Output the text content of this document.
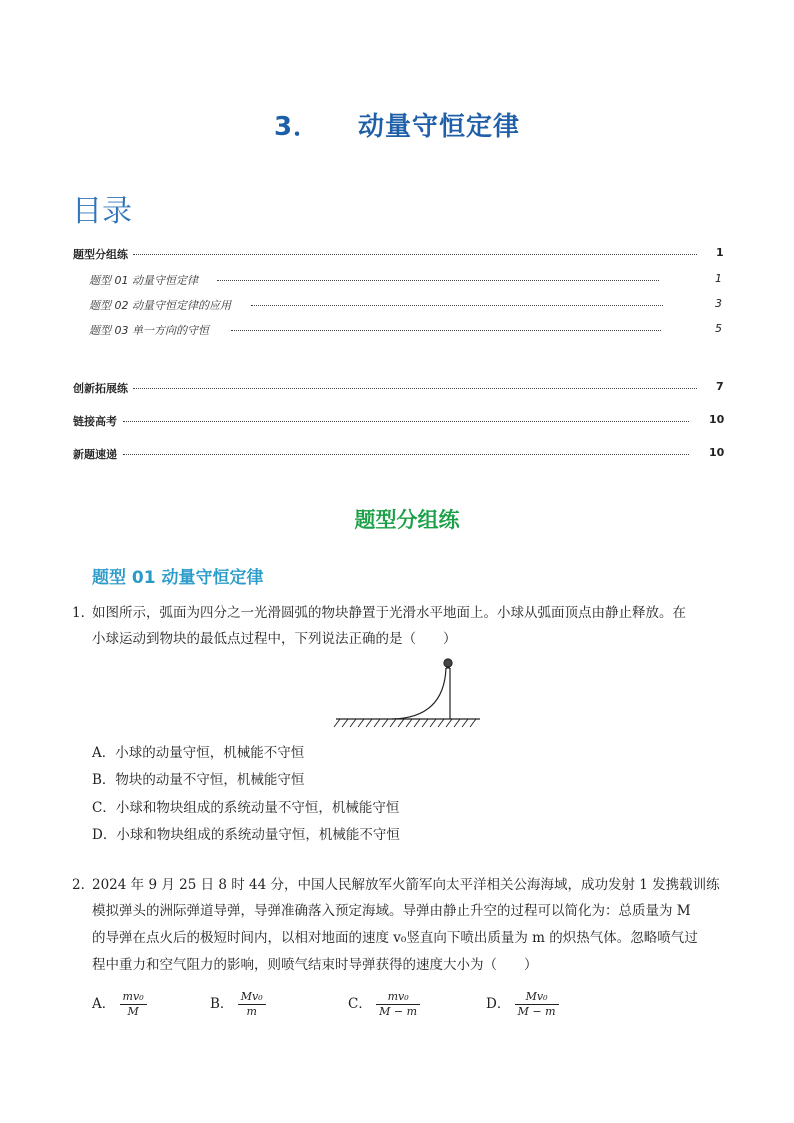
3． 动量守恒定律
目录
题型分组练	1
题型 01 动量守恒定律	1
题型 02 动量守恒定律的应用	3
题型 03 单一方向的守恒	5
创新拓展练	7
链接高考	10
新题速递	10
题型分组练
题型 01 动量守恒定律
1．
如图所示，弧面为四分之一光滑圆弧的物块静置于光滑水平地面上。小球从弧面顶点由静止释放。在
小球运动到物块的最低点过程中，下列说法正确的是（　　）
A．小球的动量守恒，机械能不守恒
B．物块的动量不守恒，机械能守恒
C．小球和物块组成的系统动量不守恒，机械能守恒
D．小球和物块组成的系统动量守恒，机械能不守恒
2．
2024 年 9 月 25 日 8 时 44 分，中国人民解放军火箭军向太平洋相关公海海域，成功发射 1 发携载训练
模拟弹头的洲际弹道导弹，导弹准确落入预定海域。导弹由静止升空的过程可以简化为：总质量为 M
的导弹在点火后的极短时间内，以相对地面的速度 v₀竖直向下喷出质量为 m 的炽热气体。忽略喷气过
程中重力和空气阻力的影响，则喷气结束时导弹获得的速度大小为（　　）
A． $\frac{\text{mv₀}}{M}$	B． $\frac{\text{Mv₀}}{m}$	C． $\frac{\text{mv₀}}{M - m}$	D． $\frac{\text{Mv₀}}{M - m}$
